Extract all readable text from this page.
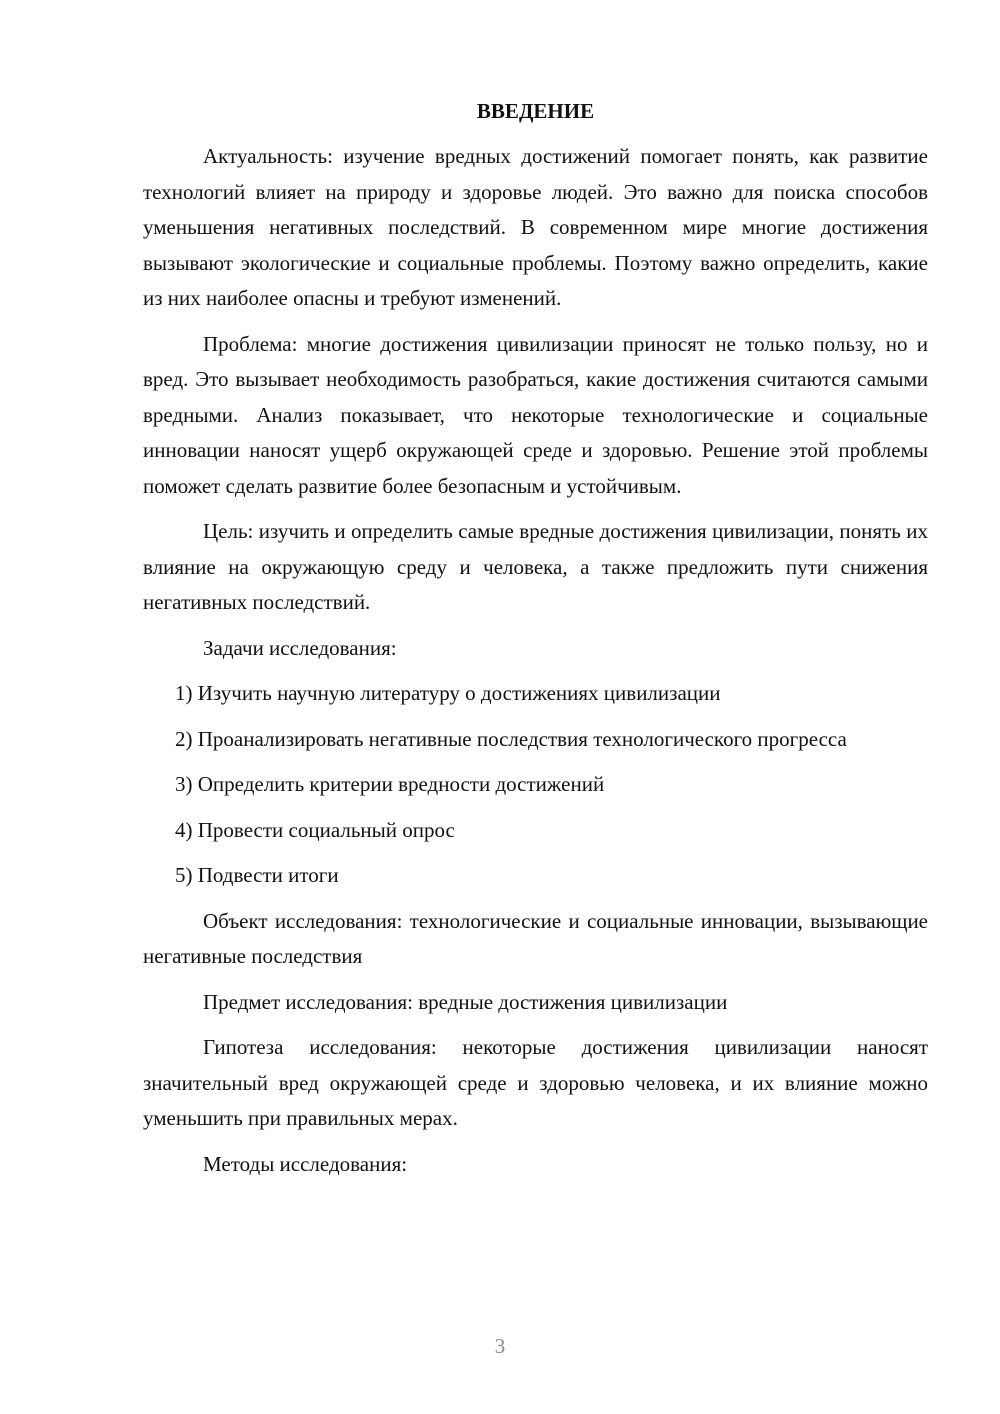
ВВЕДЕНИЕ

Актуальность: изучение вредных достижений помогает понять, как развитие технологий влияет на природу и здоровье людей. Это важно для поиска способов уменьшения негативных последствий. В современном мире многие достижения вызывают экологические и социальные проблемы. Поэтому важно определить, какие из них наиболее опасны и требуют изменений.

Проблема: многие достижения цивилизации приносят не только пользу, но и вред. Это вызывает необходимость разобраться, какие достижения считаются самыми вредными. Анализ показывает, что некоторые технологические и социальные инновации наносят ущерб окружающей среде и здоровью. Решение этой проблемы поможет сделать развитие более безопасным и устойчивым.

Цель: изучить и определить самые вредные достижения цивилизации, понять их влияние на окружающую среду и человека, а также предложить пути снижения негативных последствий.

Задачи исследования:

1) Изучить научную литературу о достижениях цивилизации

2) Проанализировать негативные последствия технологического прогресса

3) Определить критерии вредности достижений

4) Провести социальный опрос

5) Подвести итоги

Объект исследования: технологические и социальные инновации, вызывающие негативные последствия

Предмет исследования: вредные достижения цивилизации

Гипотеза исследования: некоторые достижения цивилизации наносят значительный вред окружающей среде и здоровью человека, и их влияние можно уменьшить при правильных мерах.

Методы исследования:

3
